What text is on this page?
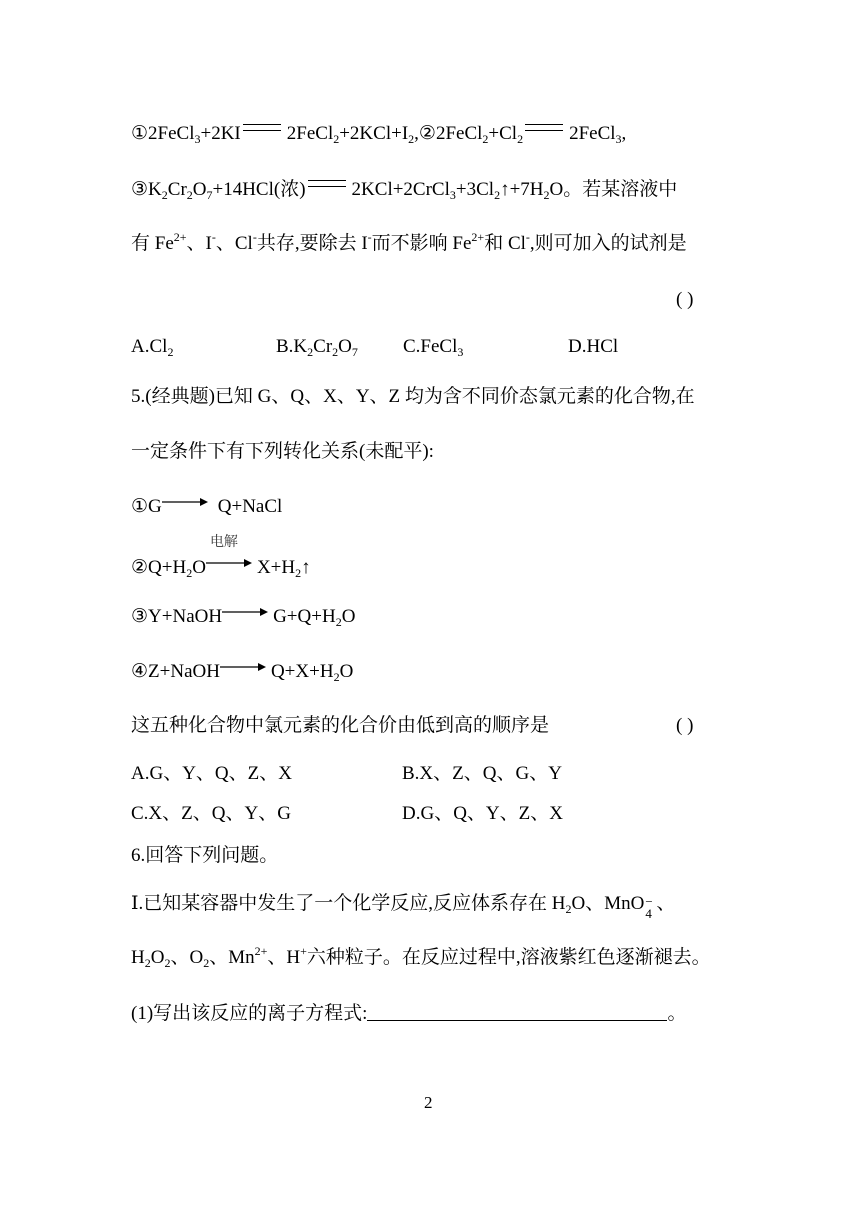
①2FeCl$_3$+2KI $2FeCl_2+2KCl+I_2,②2FeCl_2+Cl_2$ 2FeCl$_3$,
$③K_2Cr_2O_7+14HCl$(浓) $2KCl+2CrCl_3+3Cl_2↑+7H_2O$。若某溶液中
有 $Fe^{2+}$、I-、Cl-共存,要除去 I-而不影响 $Fe^{2+}$和 Cl-,则可加入的试剂是
( )
$A.Cl_2$	$B.K_2Cr_2O_7$ C.FeCl$_3$	D.HCl
5.(经典题)已知 G、Q、X、Y、Z 均为含不同价态氯元素的化合物,在
一定条件下有下列转化关系(未配平):
①G→ Q+NaCl
$②Q+H_2O$
电解
$X+H_2↑$
③Y+NaOH→ $G+Q+H_2O$
④Z+NaOH→ $Q+X+H_2O$
这五种化合物中氯元素的化合价由低到高的顺序是	( )
A.G、Y、Q、Z、X	B.X、Z、Q、G、Y
C.X、Z、Q、Y、G	D.G、Q、Y、Z、X
6.回答下列问题。
Ⅰ.已知某容器中发生了一个化学反应,反应体系存在 $H_2O$、MnO −
4 、
$H_2O_2$、$O_2$、$Mn^{2+}$、H+六种粒子。在反应过程中,溶液紫红色逐渐褪去。
(1)写出该反应的离子方程式:	。
2
